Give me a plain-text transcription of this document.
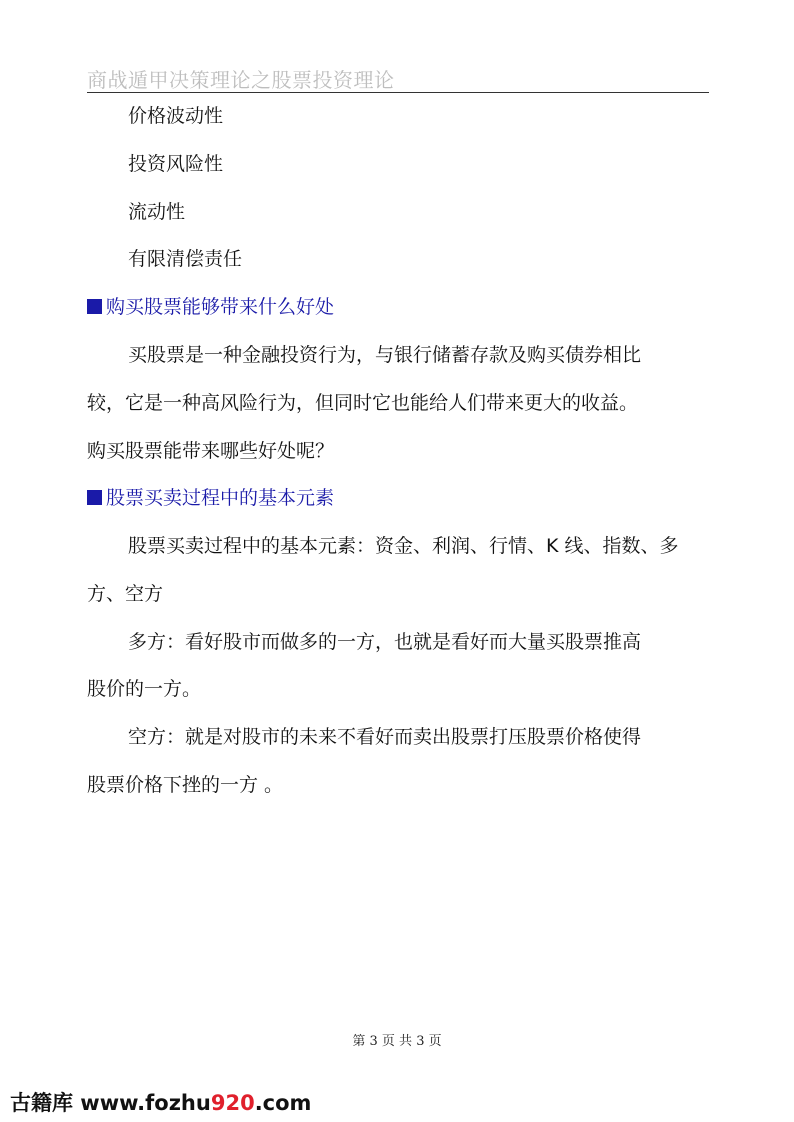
商战遁甲决策理论之股票投资理论
价格波动性
投资风险性
流动性
有限清偿责任
购买股票能够带来什么好处
买股票是一种金融投资行为，与银行储蓄存款及购买债券相比
较，它是一种高风险行为，但同时它也能给人们带来更大的收益。
购买股票能带来哪些好处呢？
股票买卖过程中的基本元素
股票买卖过程中的基本元素：资金、利润、行情、K 线、指数、多
方、空方
多方：看好股市而做多的一方，也就是看好而大量买股票推高
股价的一方。
空方：就是对股市的未来不看好而卖出股票打压股票价格使得
股票价格下挫的一方 。
第 3 页 共 3 页
古籍库 www.fozhu920.com
